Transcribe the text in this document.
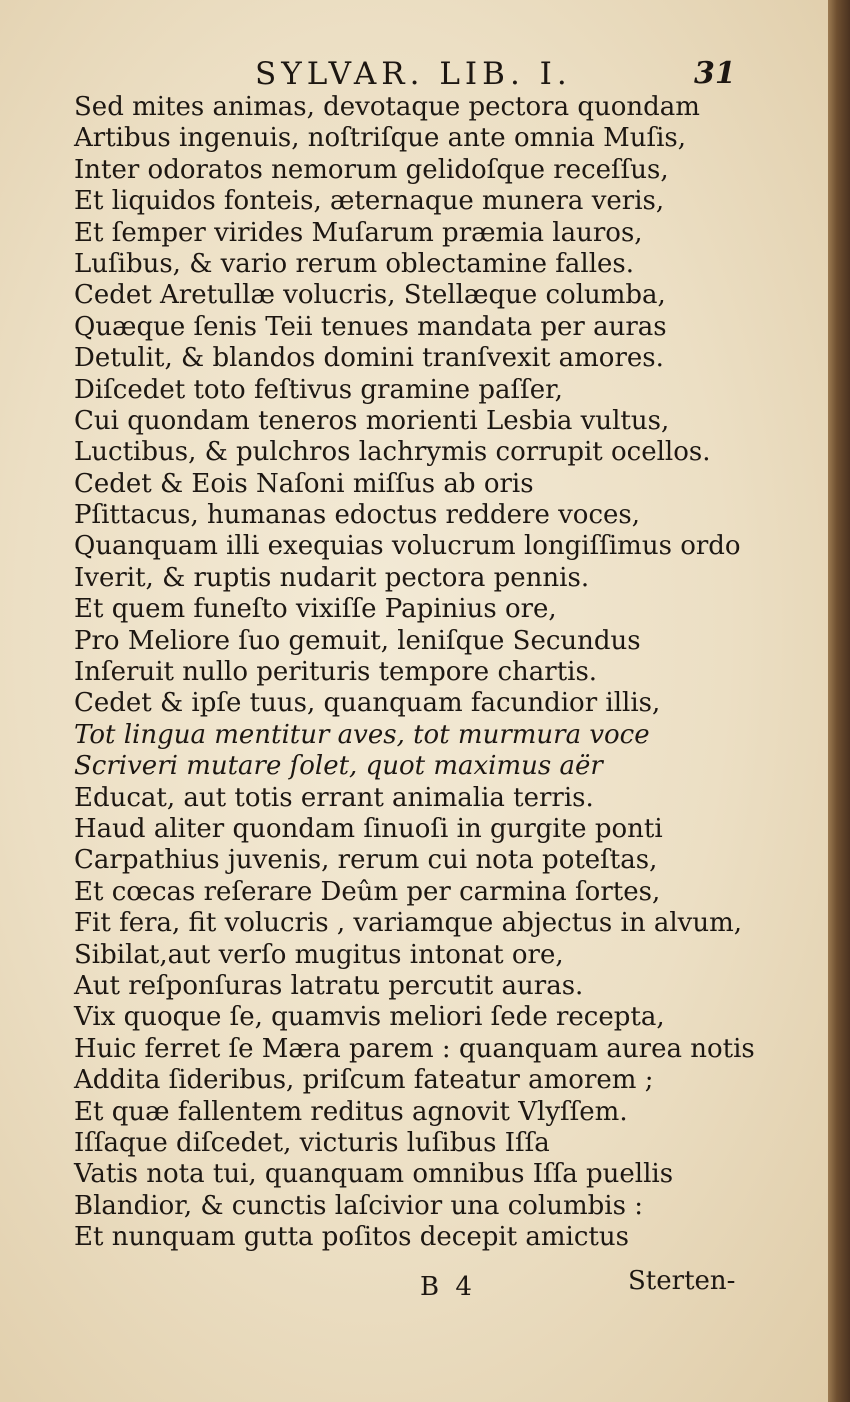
SYLVAR. LIB. I.	31
Sed mites animas, devotaque pectora quondam
Artibus ingenuis, noſtriſque ante omnia Muſis,
Inter odoratos nemorum gelidoſque receſſus,
Et liquidos fonteis, æternaque munera veris,
Et ſemper virides Muſarum præmia lauros,
Luſibus, & vario rerum oblectamine falles.
Cedet Aretullæ volucris, Stellæque columba,
Quæque ſenis Teii tenues mandata per auras
Detulit, & blandos domini tranſvexit amores.
Diſcedet toto feſtivus gramine paſſer,
Cui quondam teneros morienti Lesbia vultus,
Luctibus, & pulchros lachrymis corrupit ocellos.
Cedet & Eois Naſoni miſſus ab oris
Pſittacus, humanas edoctus reddere voces,
Quanquam illi exequias volucrum longiſſimus ordo
Iverit, & ruptis nudarit pectora pennis.
Et quem funeſto vixiſſe Papinius ore,
Pro Meliore ſuo gemuit, leniſque Secundus
Inſeruit nullo perituris tempore chartis.
Cedet & ipſe tuus, quanquam facundior illis,
Tot lingua mentitur aves, tot murmura voce
Scriveri mutare ſolet, quot maximus aër
Educat, aut totis errant animalia terris.
Haud aliter quondam ſinuoſi in gurgite ponti
Carpathius juvenis, rerum cui nota poteſtas,
Et cœcas reſerare Deûm per carmina ſortes,
Fit fera, fit volucris , variamque abjectus in alvum,
Sibilat,aut verſo mugitus intonat ore,
Aut reſponſuras latratu percutit auras.
Vix quoque ſe, quamvis meliori ſede recepta,
Huic ferret ſe Mæra parem : quanquam aurea notis
Addita ſideribus, priſcum fateatur amorem ;
Et quæ fallentem reditus agnovit Vlyſſem.
Iſſaque diſcedet, victuris luſibus Iſſa
Vatis nota tui, quanquam omnibus Iſſa puellis
Blandior, & cunctis laſcivior una columbis :
Et nunquam gutta poſitos decepit amictus
B 4	Sterten-
